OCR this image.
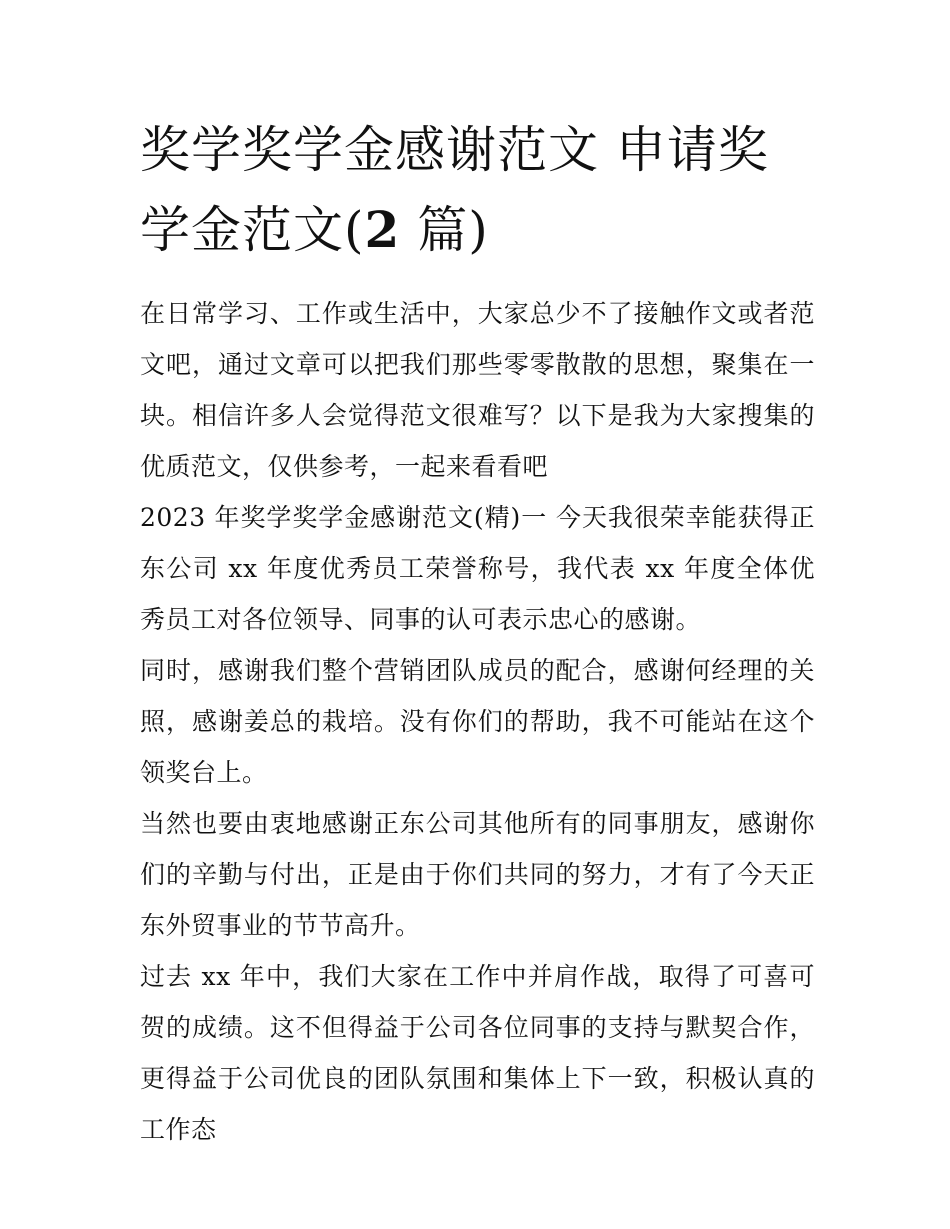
奖学奖学金感谢范文 申请奖学金范文(2 篇)

在日常学习、工作或生活中，大家总少不了接触作文或者范文吧，通过文章可以把我们那些零零散散的思想，聚集在一块。相信许多人会觉得范文很难写？以下是我为大家搜集的优质范文，仅供参考，一起来看看吧

2023 年奖学奖学金感谢范文(精)一 今天我很荣幸能获得正东公司 xx 年度优秀员工荣誉称号，我代表 xx 年度全体优秀员工对各位领导、同事的认可表示忠心的感谢。

同时，感谢我们整个营销团队成员的配合，感谢何经理的关照，感谢姜总的栽培。没有你们的帮助，我不可能站在这个领奖台上。

当然也要由衷地感谢正东公司其他所有的同事朋友，感谢你们的辛勤与付出，正是由于你们共同的努力，才有了今天正东外贸事业的节节高升。

过去 xx 年中，我们大家在工作中并肩作战，取得了可喜可贺的成绩。这不但得益于公司各位同事的支持与默契合作，更得益于公司优良的团队氛围和集体上下一致，积极认真的工作态
